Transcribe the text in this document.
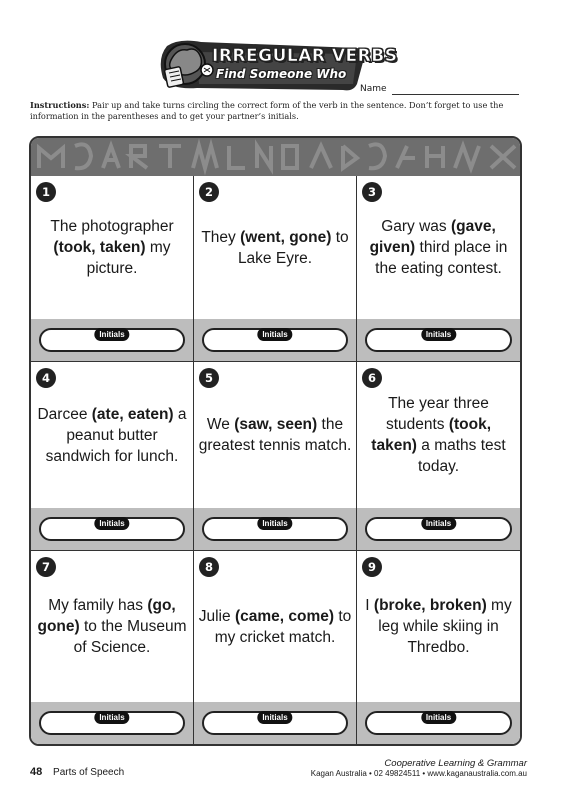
IRREGULAR VERBS
Find Someone Who
Name
Instructions: Pair up and take turns circling the correct form of the verb in the sentence. Don’t forget to use the information in the parentheses and to get your partner’s initials.
1
The photographer (took, taken) my picture.
Initials
2
They (went, gone) to Lake Eyre.
Initials
3
Gary was (gave, given) third place in the eating contest.
Initials
4
Darcee (ate, eaten) a peanut butter sandwich for lunch.
Initials
5
We (saw, seen) the greatest tennis match.
Initials
6
The year three students (took, taken) a maths test today.
Initials
7
My family has (go, gone) to the Museum of Science.
Initials
8
Julie (came, come) to my cricket match.
Initials
9
I (broke, broken) my leg while skiing in Thredbo.
Initials
48 Parts of Speech
Cooperative Learning & Grammar
Kagan Australia • 02 49824511 • www.kaganaustralia.com.au
